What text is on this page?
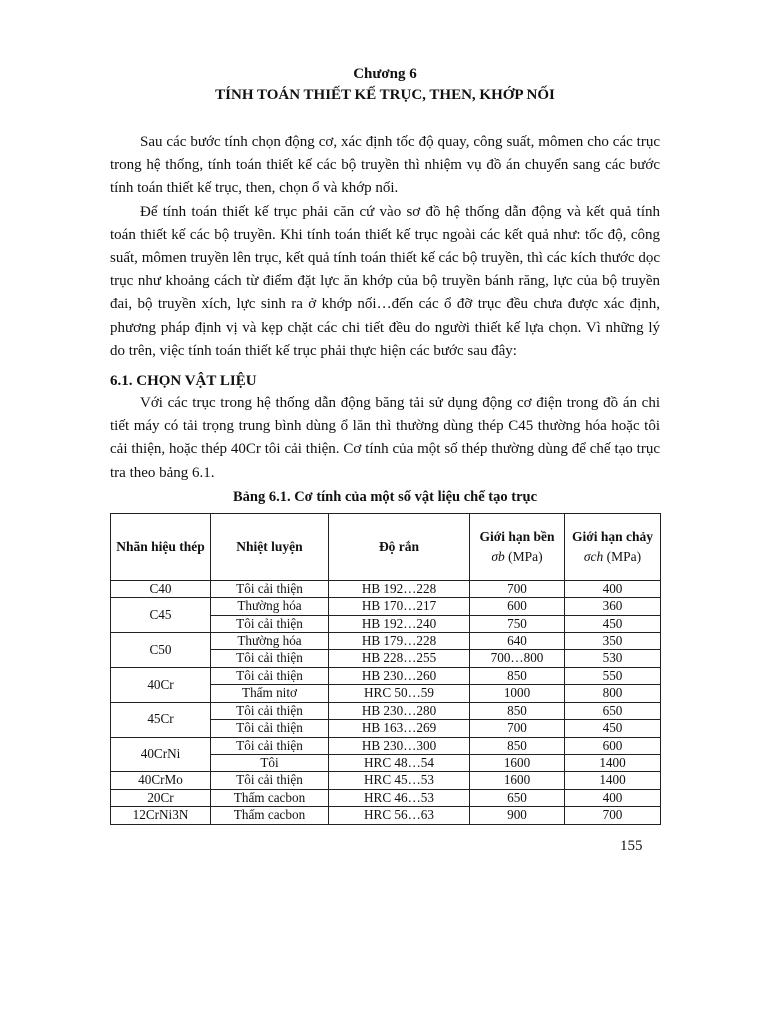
Chương 6
TÍNH TOÁN THIẾT KẾ TRỤC, THEN, KHỚP NỐI

Sau các bước tính chọn động cơ, xác định tốc độ quay, công suất, mômen cho các trục trong hệ thống, tính toán thiết kế các bộ truyền thì nhiệm vụ đồ án chuyển sang các bước tính toán thiết kế trục, then, chọn ổ và khớp nối.

Để tính toán thiết kế trục phải căn cứ vào sơ đồ hệ thống dẫn động và kết quả tính toán thiết kế các bộ truyền. Khi tính toán thiết kế trục ngoài các kết quả như: tốc độ, công suất, mômen truyền lên trục, kết quả tính toán thiết kế các bộ truyền, thì các kích thước dọc trục như khoảng cách từ điểm đặt lực ăn khớp của bộ truyền bánh răng, lực của bộ truyền đai, bộ truyền xích, lực sinh ra ở khớp nối…đến các ổ đỡ trục đều chưa được xác định, phương pháp định vị và kẹp chặt các chi tiết đều do người thiết kế lựa chọn. Vì những lý do trên, việc tính toán thiết kế trục phải thực hiện các bước sau đây:

6.1. CHỌN VẬT LIỆU

Với các trục trong hệ thống dẫn động băng tải sử dụng động cơ điện trong đồ án chi tiết máy có tải trọng trung bình dùng ổ lăn thì thường dùng thép C45 thường hóa hoặc tôi cải thiện, hoặc thép 40Cr tôi cải thiện. Cơ tính của một số thép thường dùng để chế tạo trục tra theo bảng 6.1.

Bảng 6.1. Cơ tính của một số vật liệu chế tạo trục
Nhãn hiệu thép	Nhiệt luyện	Độ rắn	Giới hạn bền
σb (MPa)	Giới hạn chảy
σch (MPa)
C40	Tôi cải thiện	HB 192…228	700	400
C45	Thường hóa	HB 170…217	600	360
	Tôi cải thiện	HB 192…240	750	450
C50	Thường hóa	HB 179…228	640	350
	Tôi cải thiện	HB 228…255	700…800	530
40Cr	Tôi cải thiện	HB 230…260	850	550
	Thấm nitơ	HRC 50…59	1000	800
45Cr	Tôi cải thiện	HB 230…280	850	650
	Tôi cải thiện	HB 163…269	700	450
40CrNi	Tôi cải thiện	HB 230…300	850	600
	Tôi	HRC 48…54	1600	1400
40CrMo	Tôi cải thiện	HRC 45…53	1600	1400
20Cr	Thấm cacbon	HRC 46…53	650	400
12CrNi3N	Thấm cacbon	HRC 56…63	900	700
155
